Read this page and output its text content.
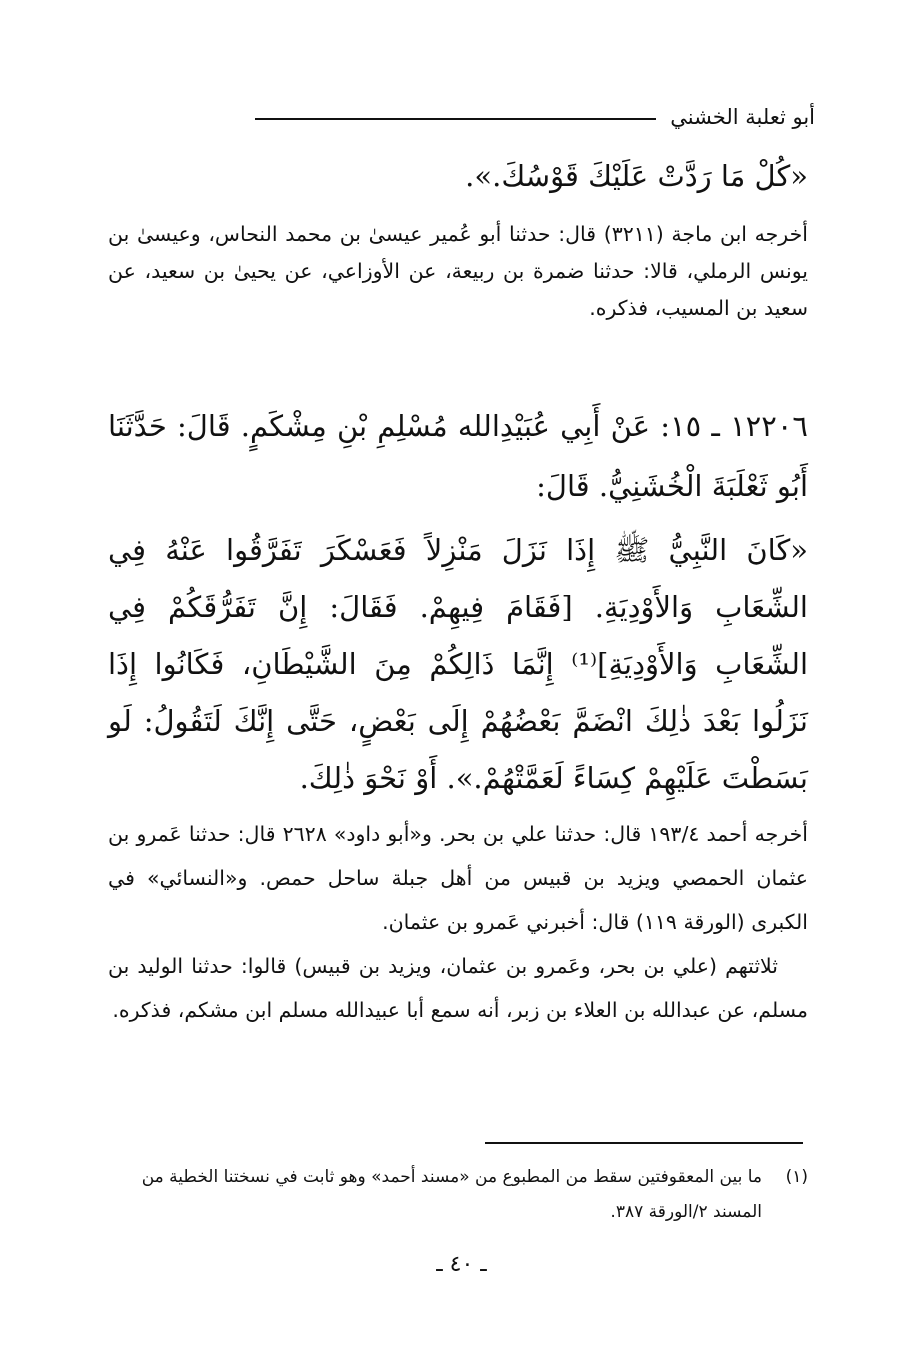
أبو ثعلبة الخشني
«كُلْ مَا رَدَّتْ عَلَيْكَ قَوْسُكَ.».
أخرجه ابن ماجة (٣٢١١) قال: حدثنا أبو عُمير عيسىٰ بن محمد النحاس، وعيسىٰ بن يونس الرملي، قالا: حدثنا ضمرة بن ربيعة، عن الأوزاعي، عن يحيىٰ بن سعيد، عن سعيد بن المسيب، فذكره.
١٢٢٠٦ ـ ١٥: عَنْ أَبِي عُبَيْدِالله مُسْلِمِ بْنِ مِشْكَمٍ. قَالَ: حَدَّثَنَا أَبُو ثَعْلَبَةَ الْخُشَنِيُّ. قَالَ:
«كَانَ النَّبِيُّ ﷺ إِذَا نَزَلَ مَنْزِلاً فَعَسْكَرَ تَفَرَّقُوا عَنْهُ فِي الشِّعَابِ وَالأَوْدِيَةِ. [فَقَامَ فِيهِمْ. فَقَالَ: إِنَّ تَفَرُّقَكُمْ فِي الشِّعَابِ وَالأَوْدِيَةِ]⁽¹⁾ إِنَّمَا ذَالِكُمْ مِنَ الشَّيْطَانِ، فَكَانُوا إِذَا نَزَلُوا بَعْدَ ذٰلِكَ انْضَمَّ بَعْضُهُمْ إِلَى بَعْضٍ، حَتَّى إِنَّكَ لَتَقُولُ: لَو بَسَطْتَ عَلَيْهِمْ كِسَاءً لَعَمَّتْهُمْ.». أَوْ نَحْوَ ذٰلِكَ.

أخرجه أحمد ١٩٣/٤ قال: حدثنا علي بن بحر. و«أبو داود» ٢٦٢٨ قال: حدثنا عَمرو بن عثمان الحمصي ويزيد بن قبيس من أهل جبلة ساحل حمص. و«النسائي» في الكبرى (الورقة ١١٩) قال: أخبرني عَمرو بن عثمان.

ثلاثتهم (علي بن بحر، وعَمرو بن عثمان، ويزيد بن قبيس) قالوا: حدثنا الوليد بن مسلم، عن عبدالله بن العلاء بن زبر، أنه سمع أبا عبيدالله مسلم ابن مشكم، فذكره.

(١)
ما بين المعقوفتين سقط من المطبوع من «مسند أحمد» وهو ثابت في نسختنا الخطية من المسند ٢/الورقة ٣٨٧.
ـ ٤٠ ـ
